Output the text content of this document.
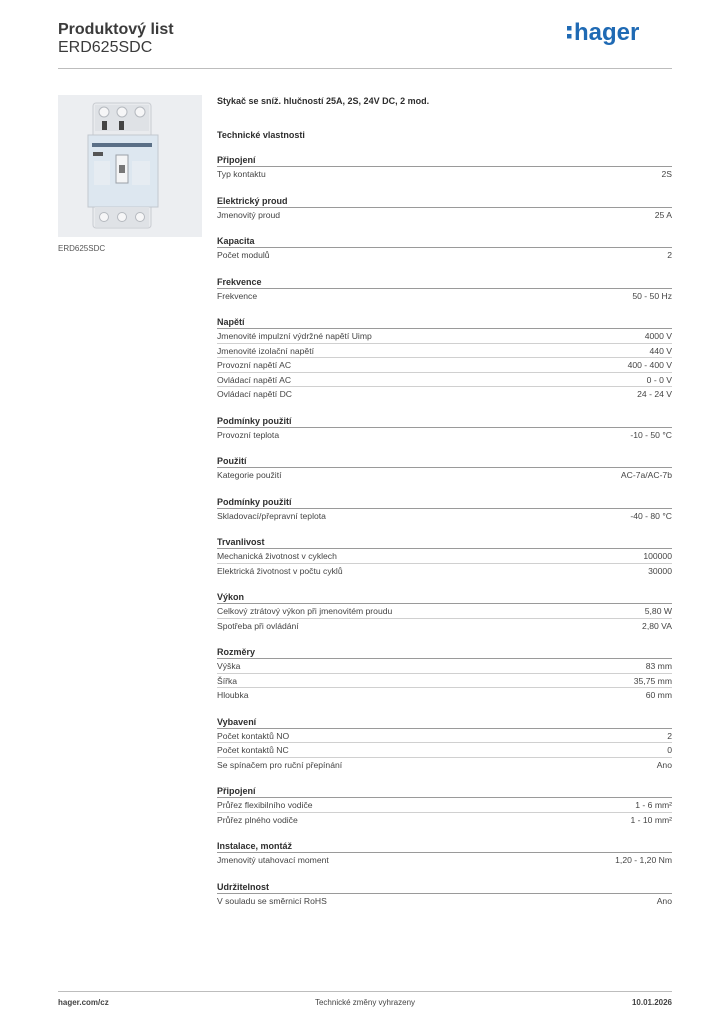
Produktový list
ERD625SDC
hager
ERD625SDC
Stykač se sníž. hlučností 25A, 2S, 24V DC, 2 mod.
Technické vlastnosti
Připojení
Typ kontaktu	2S
Elektrický proud
Jmenovitý proud	25 A
Kapacita
Počet modulů	2
Frekvence
Frekvence	50 - 50 Hz
Napětí
Jmenovité impulzní výdržné napětí Uimp	4000 V
Jmenovité izolační napětí	440 V
Provozní napětí AC	400 - 400 V
Ovládací napětí AC	0 - 0 V
Ovládací napětí DC	24 - 24 V
Podmínky použití
Provozní teplota	-10 - 50 °C
Použití
Kategorie použití	AC-7a/AC-7b
Podmínky použití
Skladovací/přepravní teplota	-40 - 80 °C
Trvanlivost
Mechanická životnost v cyklech	100000
Elektrická životnost v počtu cyklů	30000
Výkon
Celkový ztrátový výkon při jmenovitém proudu	5,80 W
Spotřeba při ovládání	2,80 VA
Rozměry
Výška	83 mm
Šířka	35,75 mm
Hloubka	60 mm
Vybavení
Počet kontaktů NO	2
Počet kontaktů NC	0
Se spínačem pro ruční přepínání	Ano
Připojení
Průřez flexibilního vodiče	1 - 6 mm²
Průřez plného vodiče	1 - 10 mm²
Instalace, montáž
Jmenovitý utahovací moment	1,20 - 1,20 Nm
Udržitelnost
V souladu se směrnicí RoHS	Ano
hager.com/cz	Technické změny vyhrazeny	10.01.2026
